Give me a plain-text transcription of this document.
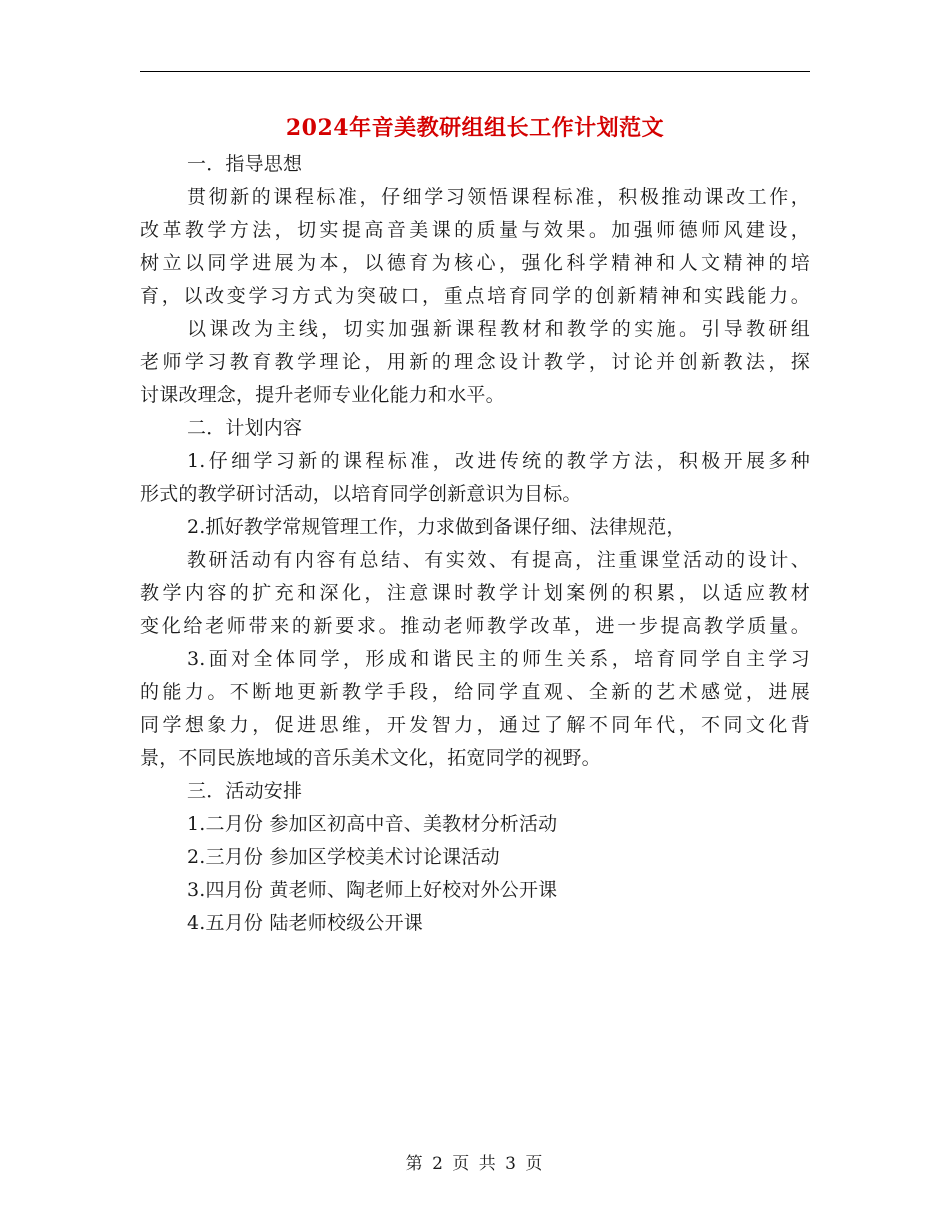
2024年音美教研组组长工作计划范文
一．指导思想
贯彻新的课程标准，仔细学习领悟课程标准，积极推动课改工作，
改革教学方法，切实提高音美课的质量与效果。加强师德师风建设，
树立以同学进展为本，以德育为核心，强化科学精神和人文精神的培
育，以改变学习方式为突破口，重点培育同学的创新精神和实践能力。
以课改为主线，切实加强新课程教材和教学的实施。引导教研组
老师学习教育教学理论，用新的理念设计教学，讨论并创新教法，探
讨课改理念，提升老师专业化能力和水平。
二．计划内容
1.仔细学习新的课程标准，改进传统的教学方法，积极开展多种
形式的教学研讨活动，以培育同学创新意识为目标。
2.抓好教学常规管理工作，力求做到备课仔细、法律规范，
教研活动有内容有总结、有实效、有提高，注重课堂活动的设计、
教学内容的扩充和深化，注意课时教学计划案例的积累，以适应教材
变化给老师带来的新要求。推动老师教学改革，进一步提高教学质量。
3.面对全体同学，形成和谐民主的师生关系，培育同学自主学习
的能力。不断地更新教学手段，给同学直观、全新的艺术感觉，进展
同学想象力，促进思维，开发智力，通过了解不同年代，不同文化背
景，不同民族地域的音乐美术文化，拓宽同学的视野。
三．活动安排
1.二月份 参加区初高中音、美教材分析活动
2.三月份 参加区学校美术讨论课活动
3.四月份 黄老师、陶老师上好校对外公开课
4.五月份 陆老师校级公开课
第 2 页 共 3 页
